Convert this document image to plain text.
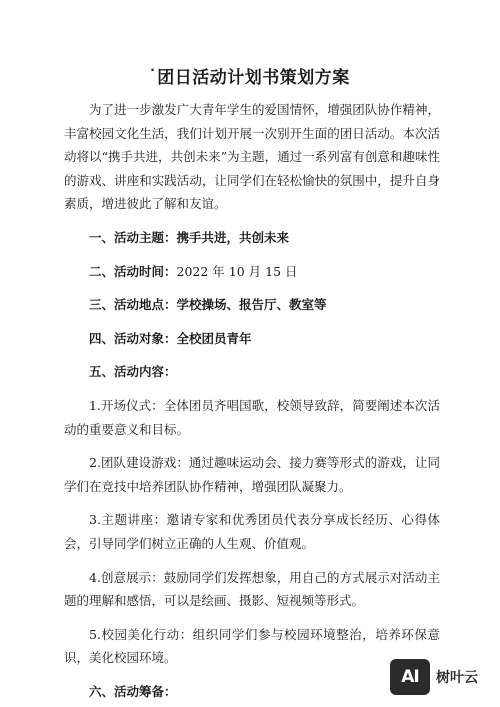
· 团日活动计划书策划方案

为了进一步激发广大青年学生的爱国情怀，增强团队协作精神，丰富校园文化生活，我们计划开展一次别开生面的团日活动。本次活动将以“携手共进，共创未来”为主题，通过一系列富有创意和趣味性的游戏、讲座和实践活动，让同学们在轻松愉快的氛围中，提升自身素质，增进彼此了解和友谊。

一、活动主题：携手共进，共创未来

二、活动时间：2022 年 10 月 15 日

三、活动地点：学校操场、报告厅、教室等

四、活动对象：全校团员青年

五、活动内容：

1.开场仪式：全体团员齐唱国歌，校领导致辞，简要阐述本次活动的重要意义和目标。

2.团队建设游戏：通过趣味运动会、接力赛等形式的游戏，让同学们在竞技中培养团队协作精神，增强团队凝聚力。

3.主题讲座：邀请专家和优秀团员代表分享成长经历、心得体会，引导同学们树立正确的人生观、价值观。

4.创意展示：鼓励同学们发挥想象，用自己的方式展示对活动主题的理解和感悟，可以是绘画、摄影、短视频等形式。

5.校园美化行动：组织同学们参与校园环境整治，培养环保意识，美化校园环境。

六、活动筹备：

AI	树叶云
